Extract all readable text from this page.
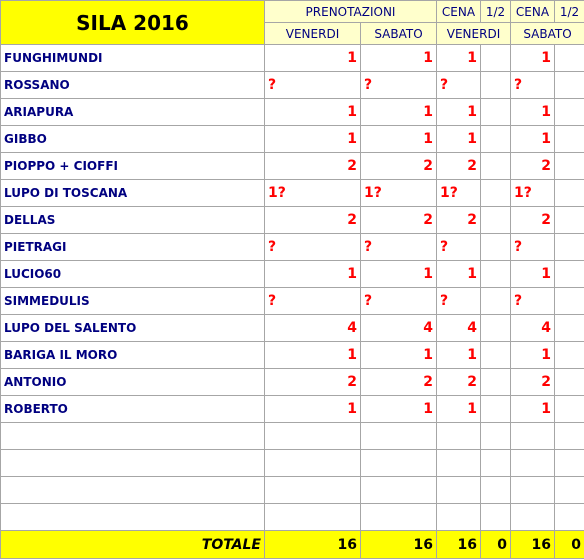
SILA 2016	PRENOTAZIONI		CENA	1/2	CENA	1/2
	VENERDI	SABATO	VENERDI		SABATO	
FUNGHIMUNDI	1	1	1		1	
ROSSANO	?	?	?		?	
ARIAPURA	1	1	1		1	
GIBBO	1	1	1		1	
PIOPPO + CIOFFI	2	2	2		2	
LUPO DI TOSCANA	1?	1?	1?		1?	
DELLAS	2	2	2		2	
PIETRAGI	?	?	?		?	
LUCIO60	1	1	1		1	
SIMMEDULIS	?	?	?		?	
LUPO DEL SALENTO	4	4	4		4	
BARIGA IL MORO	1	1	1		1	
ANTONIO	2	2	2		2	
ROBERTO	1	1	1		1	

TOTALE	16	16	16	0	16	0
